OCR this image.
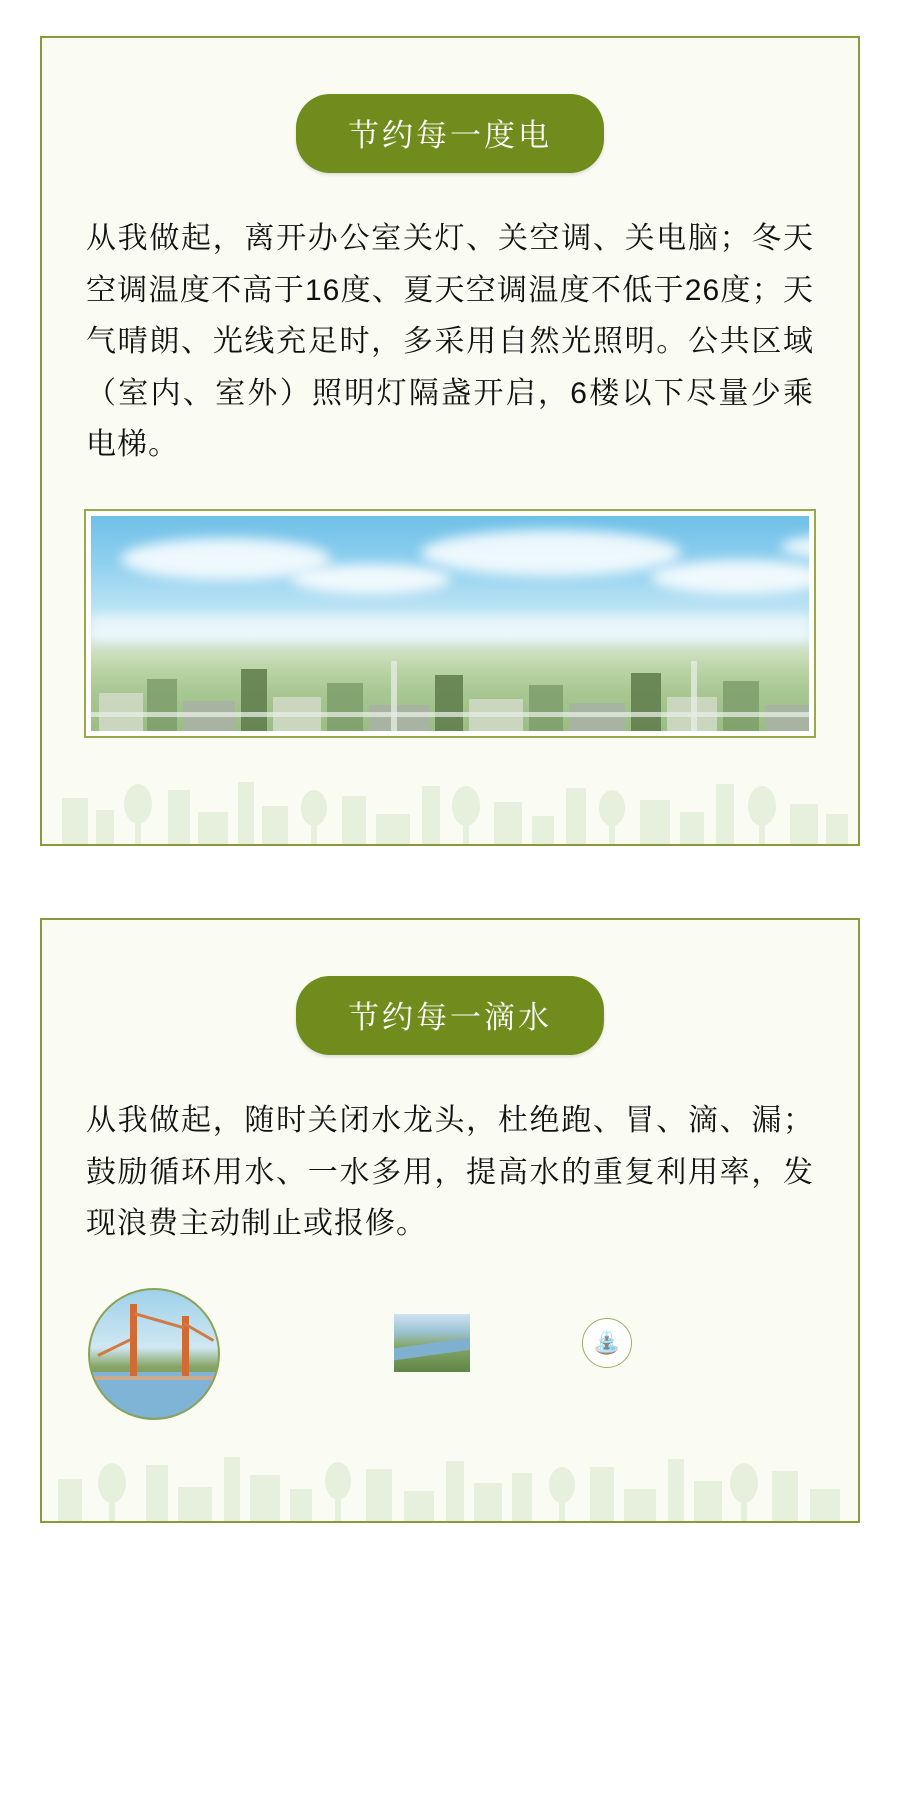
节约每一度电
从我做起，离开办公室关灯、关空调、关电脑；冬天空调温度不高于16度、夏天空调温度不低于26度；天气晴朗、光线充足时，多采用自然光照明。公共区域（室内、室外）照明灯隔盏开启，6楼以下尽量少乘电梯。
节约每一滴水
从我做起，随时关闭水龙头，杜绝跑、冒、滴、漏；鼓励循环用水、一水多用，提高水的重复利用率，发现浪费主动制止或报修。
⛲
